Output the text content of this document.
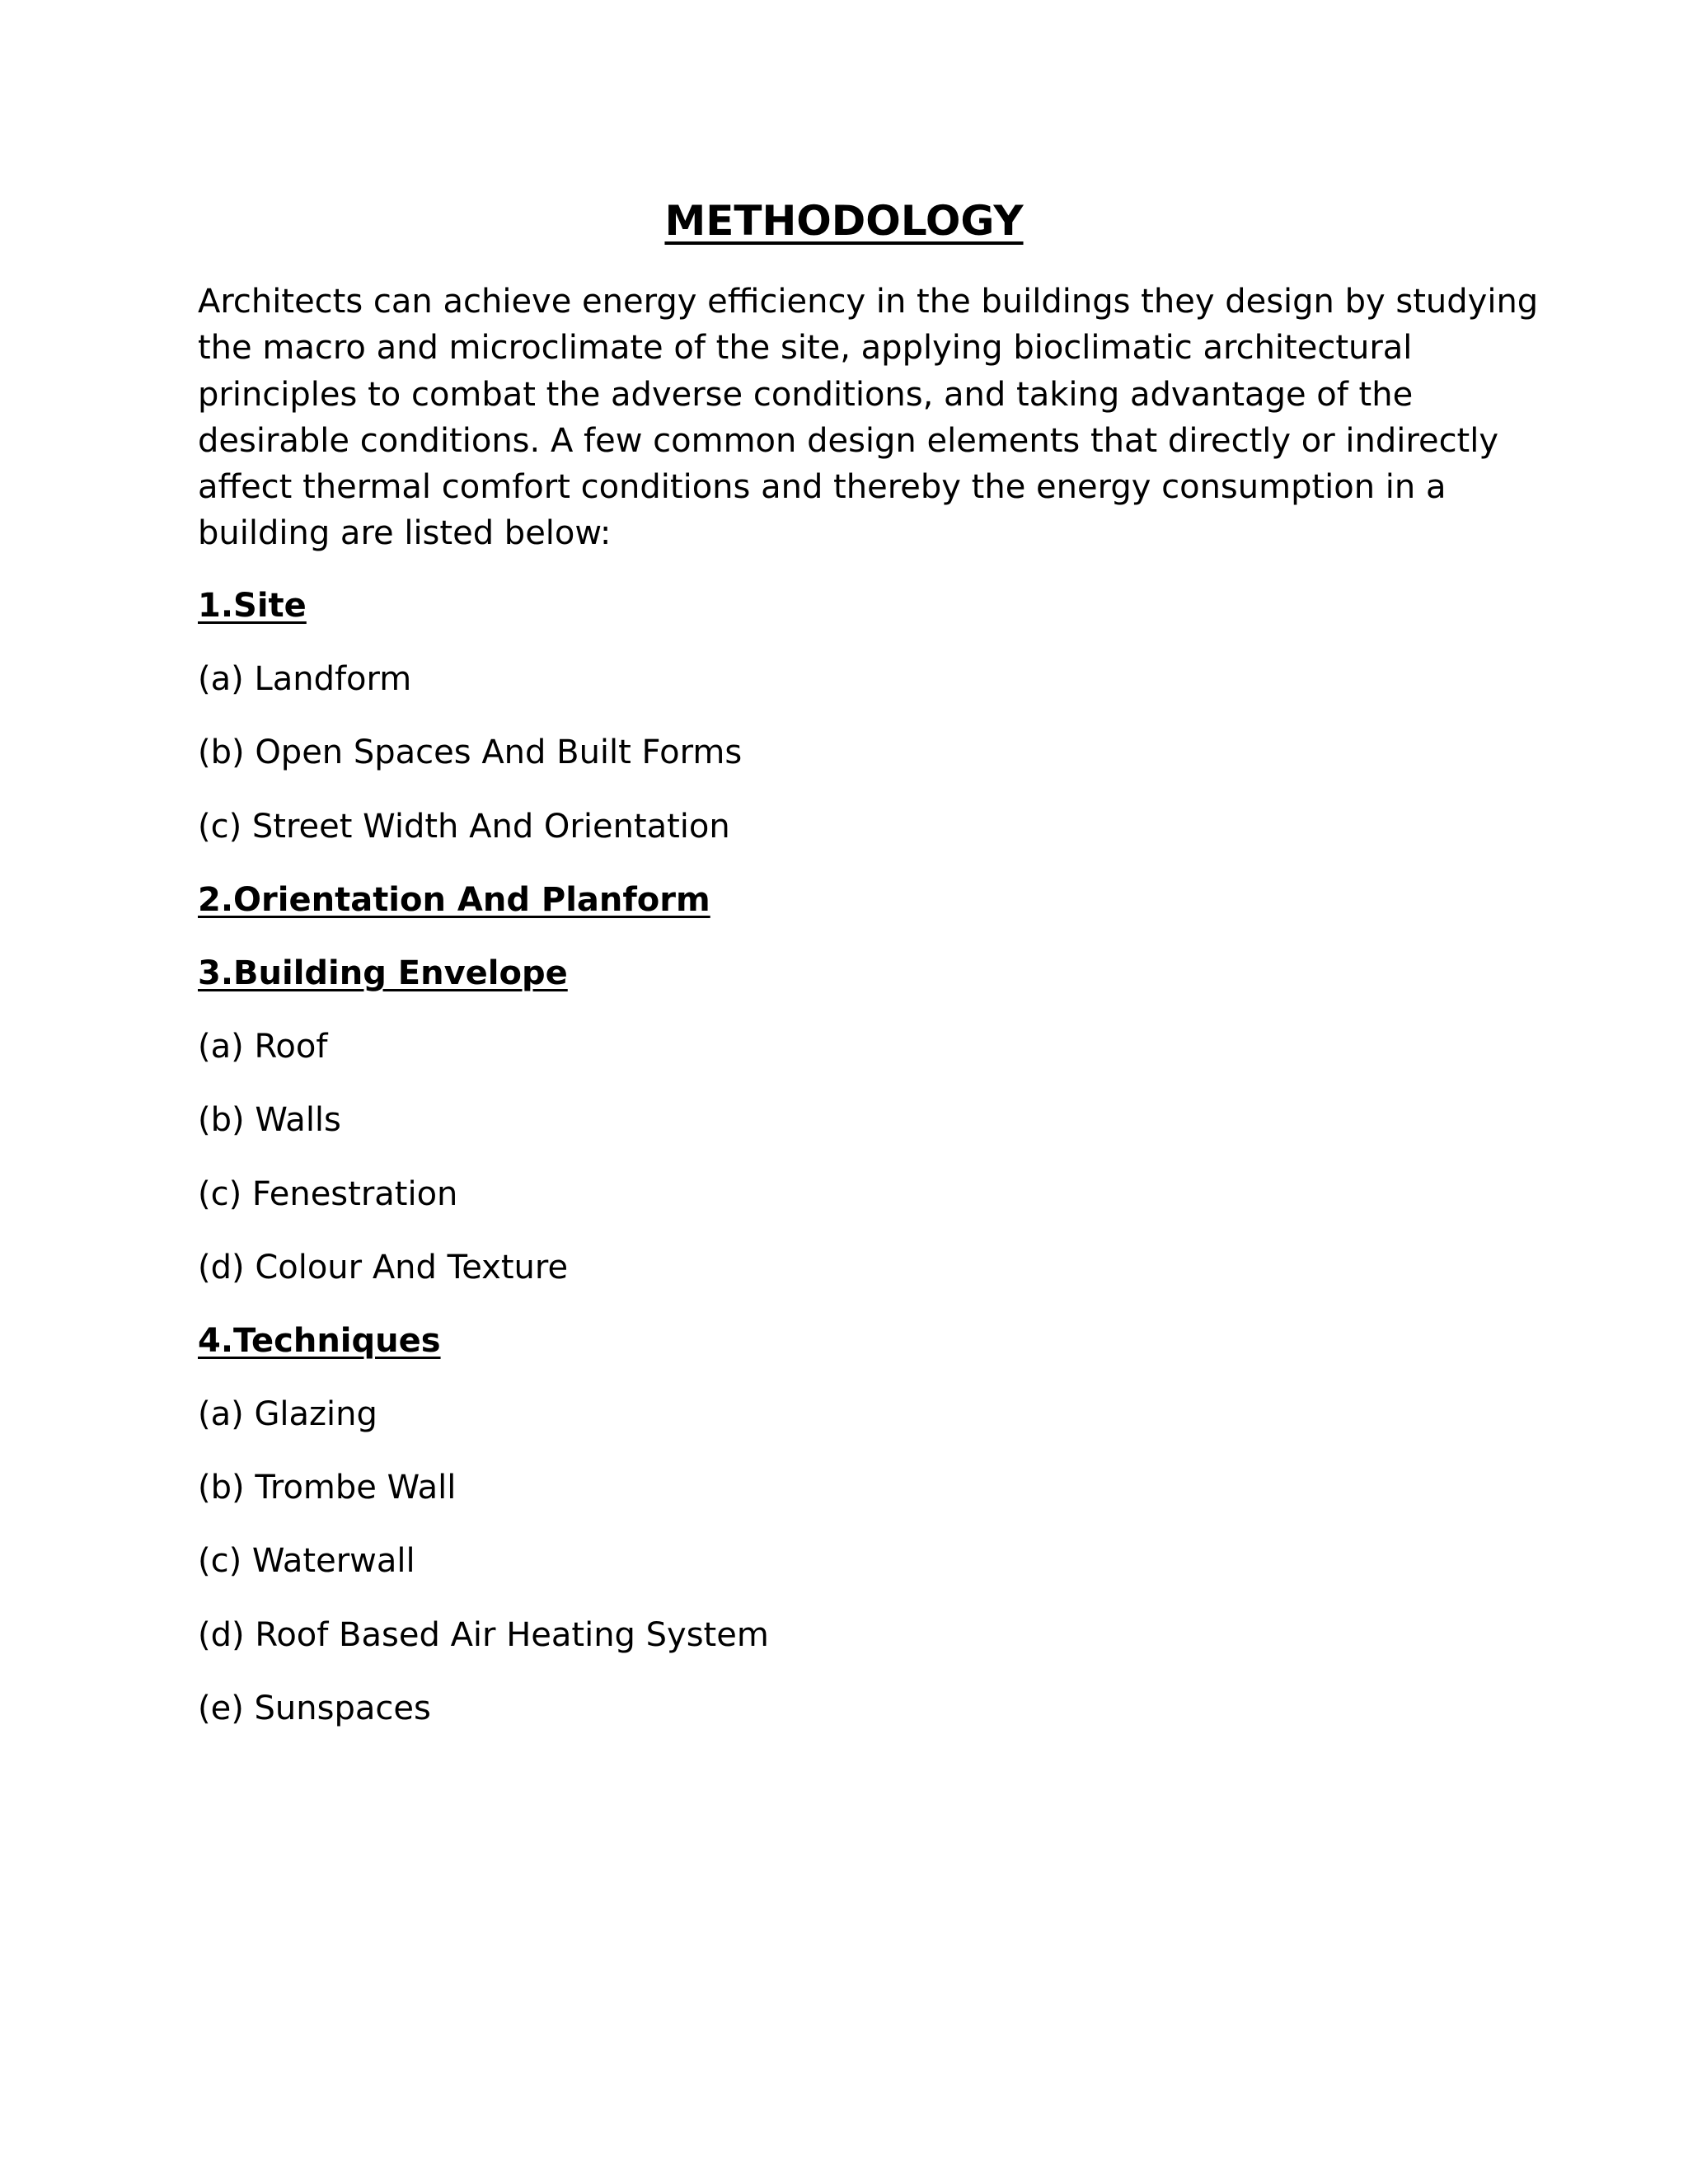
METHODOLOGY

Architects can achieve energy efficiency in the buildings they design by studying the macro and microclimate of the site, applying bioclimatic architectural principles to combat the adverse conditions, and taking advantage of the desirable conditions. A few common design elements that directly or indirectly affect thermal comfort conditions and thereby the energy consumption in a building are listed below:

1.Site
(a) Landform
(b) Open Spaces And Built Forms
(c) Street Width And Orientation
2.Orientation And Planform
3.Building Envelope
(a) Roof
(b) Walls
(c) Fenestration
(d) Colour And Texture
4.Techniques
(a) Glazing
(b) Trombe Wall
(c) Waterwall
(d) Roof Based Air Heating System
(e) Sunspaces
